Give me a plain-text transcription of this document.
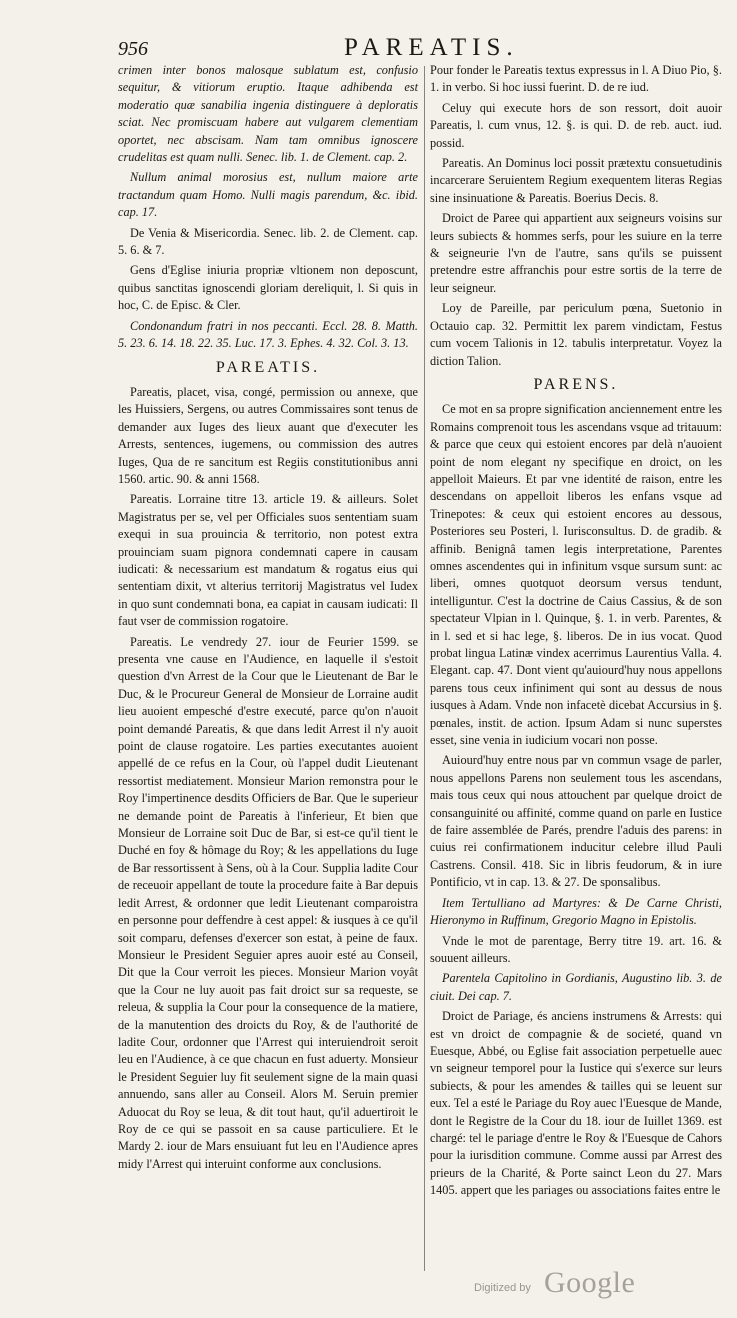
956	PAREATIS.

crimen inter bonos malosque sublatum est, confusio sequitur, & vitiorum eruptio. Itaque adhibenda est moderatio quæ sanabilia ingenia distinguere à deploratis sciat. Nec promiscuam habere aut vulgarem clementiam oportet, nec abscisam. Nam tam omnibus ignoscere crudelitas est quam nulli. Senec. lib. 1. de Clement. cap. 2.

Nullum animal morosius est, nullum maiore arte tractandum quam Homo. Nulli magis parendum, &c. ibid. cap. 17.

De Venia & Misericordia. Senec. lib. 2. de Clement. cap. 5. 6. & 7.

Gens d'Eglise iniuria propriæ vltionem non deposcunt, quibus sanctitas ignoscendi gloriam dereliquit, l. Si quis in hoc, C. de Episc. & Cler.

Condonandum fratri in nos peccanti. Eccl. 28. 8. Matth. 5. 23. 6. 14. 18. 22. 35. Luc. 17. 3. Ephes. 4. 32. Col. 3. 13.

PAREATIS.

Pareatis, placet, visa, congé, permission ou annexe, que les Huissiers, Sergens, ou autres Commissaires sont tenus de demander aux Iuges des lieux auant que d'executer les Arrests, sentences, iugemens, ou commission des autres Iuges, Qua de re sancitum est Regiis constitutionibus anni 1560. artic. 90. & anni 1568.

Pareatis. Lorraine titre 13. article 19. & ailleurs. Solet Magistratus per se, vel per Officiales suos sententiam suam exequi in sua prouincia & territorio, non potest extra prouinciam suam pignora condemnati capere in causam iudicati: & necessarium est mandatum & rogatus eius qui sententiam dixit, vt alterius territorij Magistratus vel Iudex in quo sunt condemnati bona, ea capiat in causam iudicati: Il faut vser de commission rogatoire.

Pareatis. Le vendredy 27. iour de Feurier 1599. se presenta vne cause en l'Audience, en laquelle il s'estoit question d'vn Arrest de la Cour que le Lieutenant de Bar le Duc, & le Procureur General de Monsieur de Lorraine audit lieu auoient empesché d'estre executé, parce qu'on n'auoit point demandé Pareatis, & que dans ledit Arrest il n'y auoit point de clause rogatoire. Les parties executantes auoient appellé de ce refus en la Cour, où l'appel dudit Lieutenant ressortist mediatement. Monsieur Marion remonstra pour le Roy l'impertinence desdits Officiers de Bar. Que le superieur ne demande point de Pareatis à l'inferieur, Et bien que Monsieur de Lorraine soit Duc de Bar, si est-ce qu'il tient le Duché en foy & hômage du Roy; & les appellations du Iuge de Bar ressortissent à Sens, où à la Cour. Supplia ladite Cour de receuoir appellant de toute la procedure faite à Bar depuis ledit Arrest, & ordonner que ledit Lieutenant comparoistra en personne pour deffendre à cest appel: & iusques à ce qu'il soit comparu, defenses d'exercer son estat, à peine de faux. Monsieur le President Seguier apres auoir esté au Conseil, Dit que la Cour verroit les pieces. Monsieur Marion voyât que la Cour ne luy auoit pas fait droict sur sa requeste, se releua, & supplia la Cour pour la consequence de la matiere, de la manutention des droicts du Roy, & de l'authorité de ladite Cour, ordonner que l'Arrest qui interuiendroit seroit leu en l'Audience, à ce que chacun en fust aduerty. Monsieur le President Seguier luy fit seulement signe de la main quasi annuendo, sans aller au Conseil. Alors M. Seruin premier Aduocat du Roy se leua, & dit tout haut, qu'il aduertiroit le Roy de ce qui se passoit en sa cause particuliere. Et le Mardy 2. iour de Mars ensuiuant fut leu en l'Audience apres midy l'Arrest qui interuint conforme aux conclusions.

Pour fonder le Pareatis textus expressus in l. A Diuo Pio, §. 1. in verbo. Si hoc iussi fuerint. D. de re iud.

Celuy qui execute hors de son ressort, doit auoir Pareatis, l. cum vnus, 12. §. is qui. D. de reb. auct. iud. possid.

Pareatis. An Dominus loci possit prætextu consuetudinis incarcerare Seruientem Regium exequentem literas Regias sine insinuatione & Pareatis. Boerius Decis. 8.

Droict de Paree qui appartient aux seigneurs voisins sur leurs subiects & hommes serfs, pour les suiure en la terre & seigneurie l'vn de l'autre, sans qu'ils se puissent pretendre estre affranchis pour estre sortis de la terre de leur seigneur.

Loy de Pareille, par periculum pœna, Suetonio in Octauio cap. 32. Permittit lex parem vindictam, Festus cum vocem Talionis in 12. tabulis interpretatur. Voyez la diction Talion.

PARENS.

Ce mot en sa propre signification anciennement entre les Romains comprenoit tous les ascendans vsque ad tritauum: & parce que ceux qui estoient encores par delà n'auoient point de nom elegant ny specifique en droict, on les appelloit Maieurs. Et par vne identité de raison, entre les descendans on appelloit liberos les enfans vsque ad Trinepotes: & ceux qui estoient encores au dessous, Posteriores seu Posteri, l. Iurisconsultus. D. de gradib. & affinib. Benignâ tamen legis interpretatione, Parentes omnes ascendentes qui in infinitum vsque sursum sunt: ac liberi, omnes quotquot deorsum versus tendunt, intelliguntur. C'est la doctrine de Caius Cassius, & de son spectateur Vlpian in l. Quinque, §. 1. in verb. Parentes, & in l. sed et si hac lege, §. liberos. De in ius vocat. Quod probat lingua Latinæ vindex acerrimus Laurentius Valla. 4. Elegant. cap. 47. Dont vient qu'auiourd'huy nous appellons parens tous ceux infiniment qui sont au dessus de nous iusques à Adam. Vnde non infacetè dicebat Accursius in §. pœnales, instit. de action. Ipsum Adam si nunc superstes esset, sine venia in iudicium vocari non posse.

Auiourd'huy entre nous par vn commun vsage de parler, nous appellons Parens non seulement tous les ascendans, mais tous ceux qui nous attouchent par quelque droict de consanguinité ou affinité, comme quand on parle en Iustice de faire assemblée de Parés, prendre l'aduis des parens: in cuius rei confirmationem inducitur celebre illud Pauli Castrens. Consil. 418. Sic in libris feudorum, & in iure Pontificio, vt in cap. 13. & 27. De sponsalibus.

Item Tertulliano ad Martyres: & De Carne Christi, Hieronymo in Ruffinum, Gregorio Magno in Epistolis.

Vnde le mot de parentage, Berry titre 19. art. 16. & souuent ailleurs.

Parentela Capitolino in Gordianis, Augustino lib. 3. de ciuit. Dei cap. 7.

Droict de Pariage, és anciens instrumens & Arrests: qui est vn droict de compagnie & de societé, quand vn Euesque, Abbé, ou Eglise fait association perpetuelle auec vn seigneur temporel pour la Iustice qui s'exerce sur leurs subiects, & pour les amendes & tailles qui se leuent sur eux. Tel a esté le Pariage du Roy auec l'Euesque de Mande, dont le Registre de la Cour du 18. iour de Iuillet 1369. est chargé: tel le pariage d'entre le Roy & l'Euesque de Cahors pour la iurisdition commune. Comme aussi par Arrest des prieurs de la Charité, & Porte sainct Leon du 27. Mars 1405. appert que les pariages ou associations faites entre le

Digitized by Google
